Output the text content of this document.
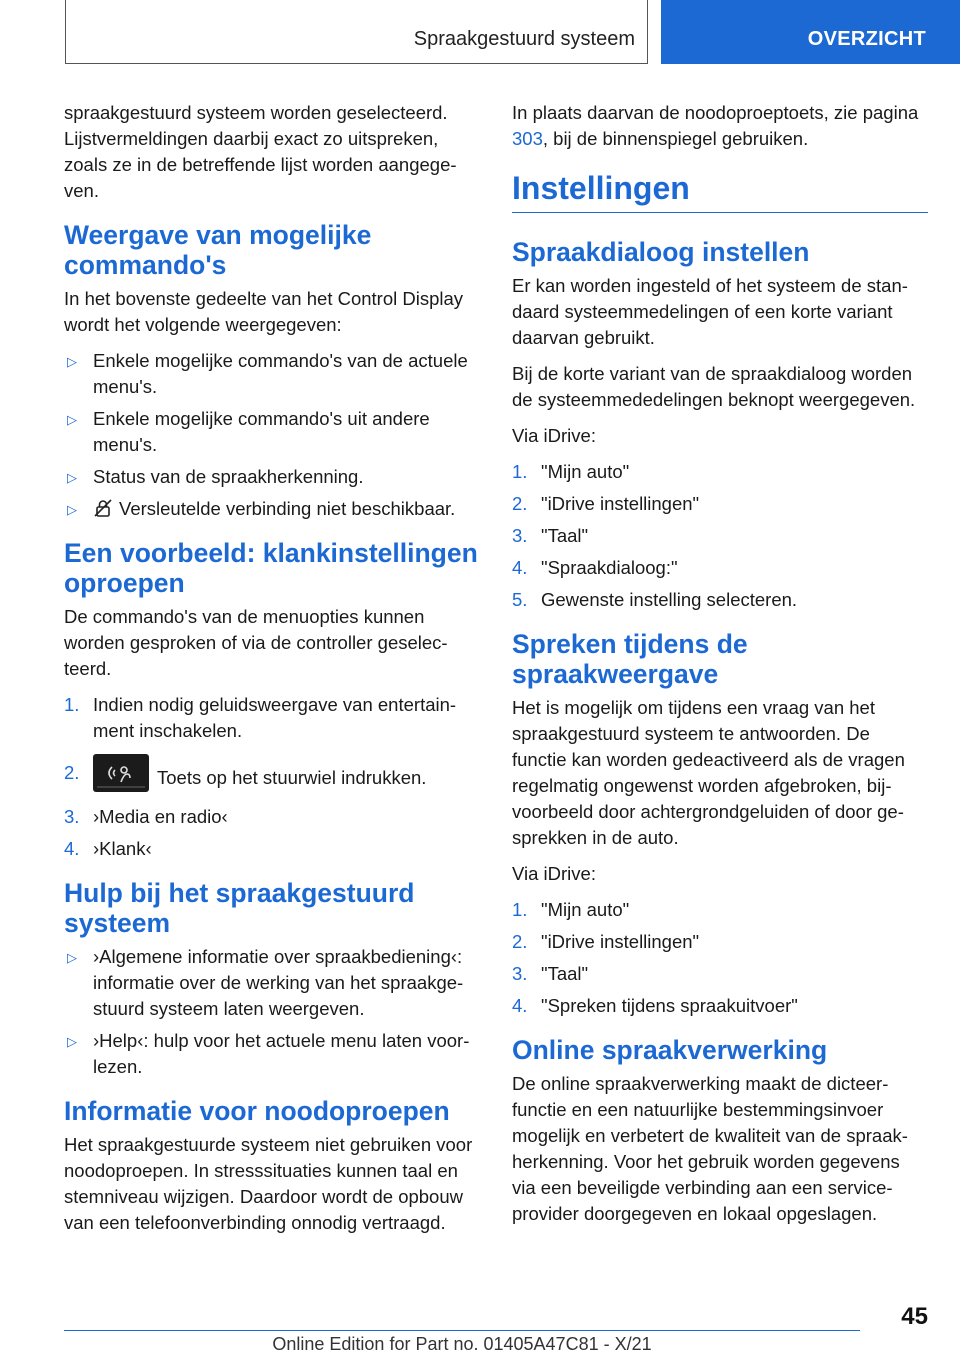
Spraakgestuurd systeem	OVERZICHT

spraakgestuurd systeem worden geselecteerd. Lijstvermeldingen daarbij exact zo uitspreken, zoals ze in de betreffende lijst worden aangegeven.

Weergave van mogelijke commando's

In het bovenste gedeelte van het Control Display wordt het volgende weergegeven:

▷ Enkele mogelijke commando's van de actuele menu's.
▷ Enkele mogelijke commando's uit andere menu's.
▷ Status van de spraakherkenning.
▷ Versleutelde verbinding niet beschikbaar.
Een voorbeeld: klankinstellingen oproepen

De commando's van de menuopties kunnen worden gesproken of via de controller geselecteerd.

1. Indien nodig geluidsweergave van entertainment inschakelen.
2.	Toets op het stuurwiel indrukken.
3. ›Media en radio‹
4. ›Klank‹
Hulp bij het spraakgestuurd systeem
▷ ›Algemene informatie over spraakbediening‹: informatie over de werking van het spraakgestuurd systeem laten weergeven.
▷ ›Help‹: hulp voor het actuele menu laten voorlezen.
Informatie voor noodoproepen

Het spraakgestuurde systeem niet gebruiken voor noodoproepen. In stresssituaties kunnen taal en stemniveau wijzigen. Daardoor wordt de opbouw van een telefoonverbinding onnodig vertraagd.

In plaats daarvan de noodoproeptoets, zie pagina 303, bij de binnenspiegel gebruiken.

Instellingen
Spraakdialoog instellen

Er kan worden ingesteld of het systeem de standaard systeemmedelingen of een korte variant daarvan gebruikt.

Bij de korte variant van de spraakdialoog worden de systeemmededelingen beknopt weergegeven.

Via iDrive:

1. "Mijn auto"
2. "iDrive instellingen"
3. "Taal"
4. "Spraakdialoog:"
5. Gewenste instelling selecteren.
Spreken tijdens de spraakweergave

Het is mogelijk om tijdens een vraag van het spraakgestuurd systeem te antwoorden. De functie kan worden gedeactiveerd als de vragen regelmatig ongewenst worden afgebroken, bijvoorbeeld door achtergrondgeluiden of door gesprekken in de auto.

Via iDrive:

1. "Mijn auto"
2. "iDrive instellingen"
3. "Taal"
4. "Spreken tijdens spraakuitvoer"
Online spraakverwerking

De online spraakverwerking maakt de dicteerfunctie en een natuurlijke bestemmingsinvoer mogelijk en verbetert de kwaliteit van de spraakherkenning. Voor het gebruik worden gegevens via een beveiligde verbinding aan een serviceprovider doorgegeven en lokaal opgeslagen.

45
Online Edition for Part no. 01405A47C81 - X/21
